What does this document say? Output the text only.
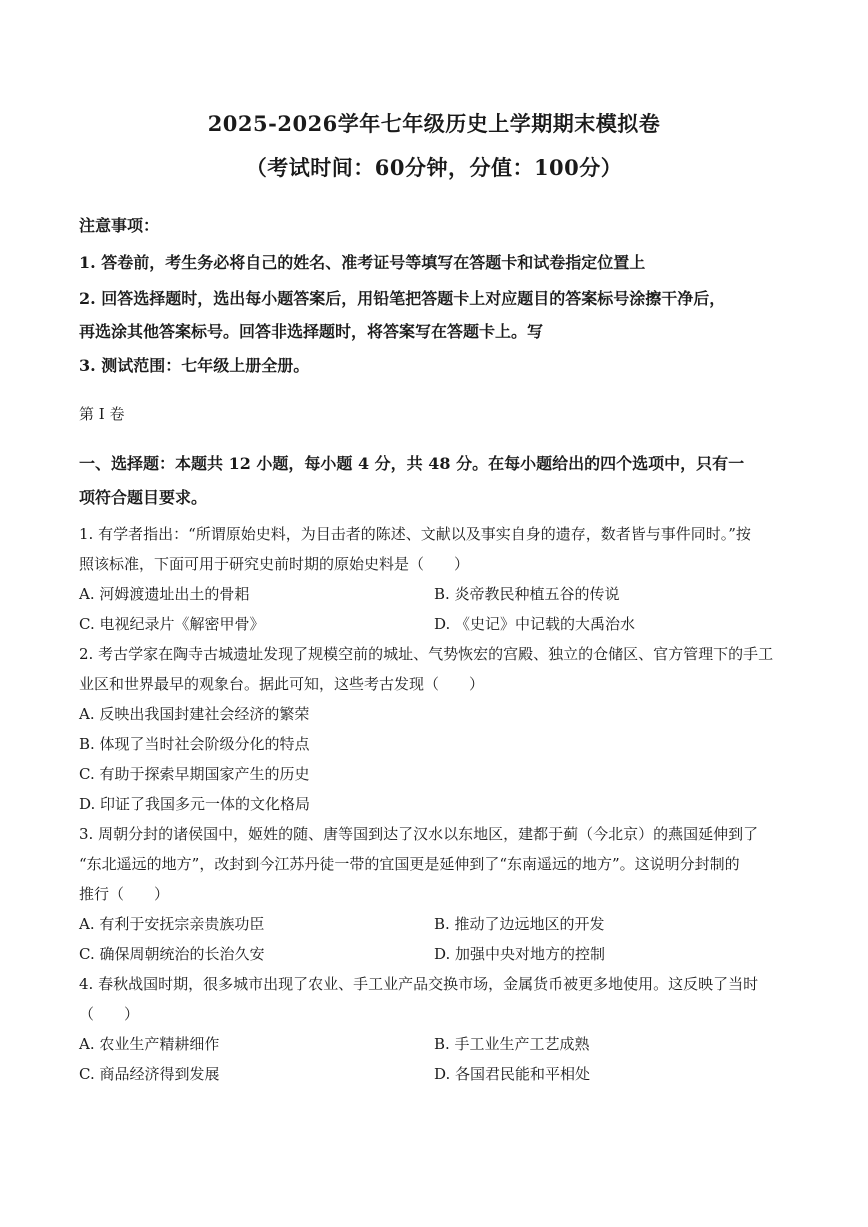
2025-2026学年七年级历史上学期期末模拟卷
（考试时间：60分钟，分值：100分）
注意事项：
1. 答卷前，考生务必将自己的姓名、准考证号等填写在答题卡和试卷指定位置上
2. 回答选择题时，选出每小题答案后，用铅笔把答题卡上对应题目的答案标号涂擦干净后，
再选涂其他答案标号。回答非选择题时，将答案写在答题卡上。写
3. 测试范围：七年级上册全册。
第 I 卷
一、选择题：本题共 12 小题，每小题 4 分，共 48 分。在每小题给出的四个选项中，只有一
项符合题目要求。
1. 有学者指出：“所谓原始史料，为目击者的陈述、文献以及事实自身的遗存，数者皆与事件同时。”按
照该标准，下面可用于研究史前时期的原始史料是（　　）
A. 河姆渡遗址出土的骨耜	B. 炎帝教民种植五谷的传说
C. 电视纪录片《解密甲骨》	D. 《史记》中记载的大禹治水
2. 考古学家在陶寺古城遗址发现了规模空前的城址、气势恢宏的宫殿、独立的仓储区、官方管理下的手工
业区和世界最早的观象台。据此可知，这些考古发现（　　）
A. 反映出我国封建社会经济的繁荣
B. 体现了当时社会阶级分化的特点
C. 有助于探索早期国家产生的历史
D. 印证了我国多元一体的文化格局
3. 周朝分封的诸侯国中，姬姓的随、唐等国到达了汉水以东地区，建都于蓟（今北京）的燕国延伸到了
“东北遥远的地方”，改封到今江苏丹徒一带的宜国更是延伸到了“东南遥远的地方”。这说明分封制的
推行（　　）
A. 有利于安抚宗亲贵族功臣	B. 推动了边远地区的开发
C. 确保周朝统治的长治久安	D. 加强中央对地方的控制
4. 春秋战国时期，很多城市出现了农业、手工业产品交换市场，金属货币被更多地使用。这反映了当时
（　　）
A. 农业生产精耕细作	B. 手工业生产工艺成熟
C. 商品经济得到发展	D. 各国君民能和平相处
